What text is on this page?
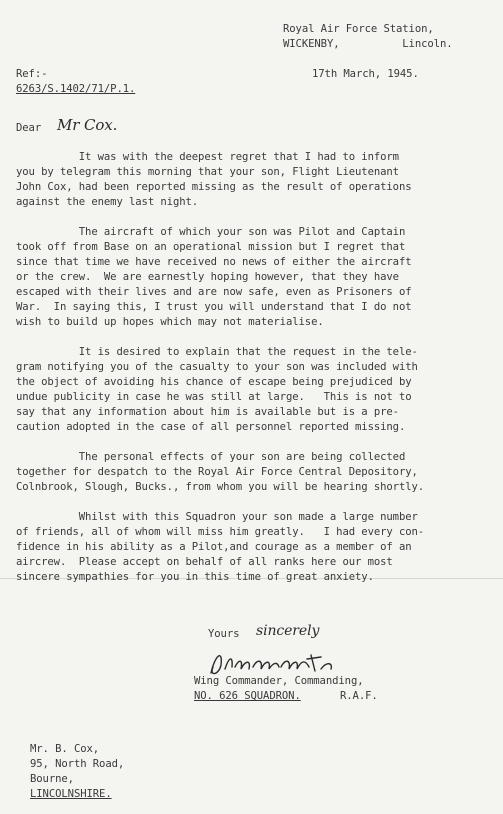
Royal Air Force Station,
WICKENBY,          Lincoln.
Ref:-	17th March, 1945.
6263/S.1402/71/P.1.
Dear Mr Cox.
It was with the deepest regret that I had to inform
you by telegram this morning that your son, Flight Lieutenant
John Cox, had been reported missing as the result of operations
against the enemy last night.
The aircraft of which your son was Pilot and Captain
took off from Base on an operational mission but I regret that
since that time we have received no news of either the aircraft
or the crew.  We are earnestly hoping however, that they have
escaped with their lives and are now safe, even as Prisoners of
War.  In saying this, I trust you will understand that I do not
wish to build up hopes which may not materialise.
It is desired to explain that the request in the tele-
gram notifying you of the casualty to your son was included with
the object of avoiding his chance of escape being prejudiced by
undue publicity in case he was still at large.   This is not to
say that any information about him is available but is a pre-
caution adopted in the case of all personnel reported missing.
The personal effects of your son are being collected
together for despatch to the Royal Air Force Central Depository,
Colnbrook, Slough, Bucks., from whom you will be hearing shortly.
Whilst with this Squadron your son made a large number
of friends, all of whom will miss him greatly.   I had every con-
fidence in his ability as a Pilot,and courage as a member of an
aircrew.  Please accept on behalf of all ranks here our most
sincere sympathies for you in this time of great anxiety.
Yours sincerely
Wing Commander, Commanding,
NO. 626 SQUADRON.	R.A.F.
Mr. B. Cox,
95, North Road,
Bourne,
LINCOLNSHIRE.
